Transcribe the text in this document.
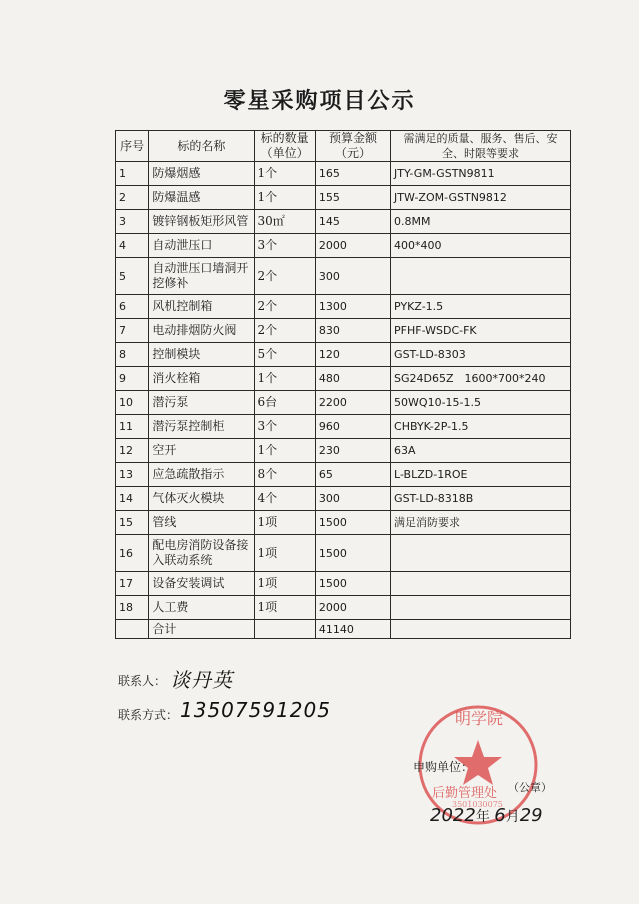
零星采购项目公示
序号	标的名称	标的数量（单位）	预算金额（元）	需满足的质量、服务、售后、安全、时限等要求
1	防爆烟感	1个	165	JTY-GM-GSTN9811
2	防爆温感	1个	155	JTW-ZOM-GSTN9812
3	镀锌钢板矩形风管	30㎡	145	0.8MM
4	自动泄压口	3个	2000	400*400
5	自动泄压口墙洞开挖修补	2个	300	
6	风机控制箱	2个	1300	PYKZ-1.5
7	电动排烟防火阀	2个	830	PFHF-WSDC-FK
8	控制模块	5个	120	GST-LD-8303
9	消火栓箱	1个	480	SG24D65Z　1600*700*240
10	潜污泵	6台	2200	50WQ10-15-1.5
11	潜污泵控制柜	3个	960	CHBYK-2P-1.5
12	空开	1个	230	63A
13	应急疏散指示	8个	65	L-BLZD-1ROE
14	气体灭火模块	4个	300	GST-LD-8318B
15	管线	1项	1500	满足消防要求
16	配电房消防设备接入联动系统	1项	1500	
17	设备安装调试	1项	1500	
18	人工费	1项	2000	
	合计		41140	
联系人： 谈丹英
联系方式： 13507591205	明学院
后勤管理处
3501030075
申购单位：
（公章）
2022年 6月29
